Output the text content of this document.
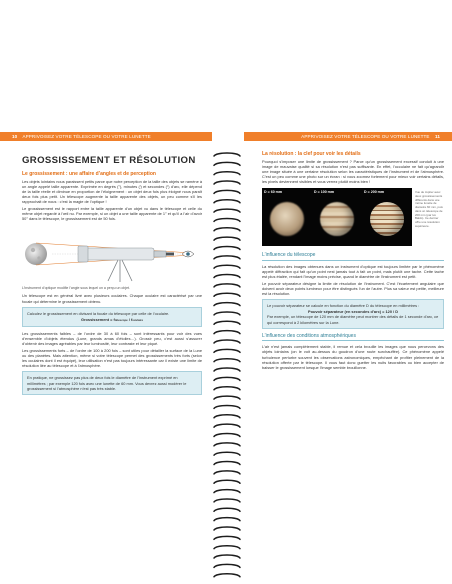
10 APPRIVOISEZ VOTRE TÉLESCOPE OU VOTRE LUNETTE	APPRIVOISEZ VOTRE TÉLESCOPE OU VOTRE LUNETTE 11
GROSSISSEMENT ET RÉSOLUTION
Le grossissement : une affaire d’angles et de perception

Les objets lointains nous paraissent petits parce que notre perception de la taille des objets se ramène à un angle appelé taille apparente. Exprimée en degrés (°), minutes (′) et secondes (″) d’arc, elle dépend de la taille réelle et diminue en proportion de l’éloignement : un objet deux fois plus éloigné nous paraît deux fois plus petit. Un télescope augmente la taille apparente des objets, un peu comme s’il les rapprochait de nous : c’est la magie de l’optique !

Le grossissement est le rapport entre la taille apparente d’un objet vu dans le télescope et celle du même objet regardé à l’œil nu. Par exemple, si un objet a une taille apparente de 1° et qu’il a l’air d’avoir 50° dans le télescope, le grossissement est de 50 fois.

L’instrument d’optique modifie l’angle sous lequel on a perçu un objet.

Un télescope est en général livré avec plusieurs oculaires. Chaque oculaire est caractérisé par une focale qui détermine le grossissement obtenu.

Calculez le grossissement en divisant la focale du télescope par celle de l’oculaire.
Grossissement = ftélescope / foculaire

Les grossissements faibles – de l’ordre de 30 à 60 fois – sont intéressants pour voir des vues d’ensemble d’objets étendus (Lune, grands amas d’étoiles…). Grossir peu, c’est aussi s’assurer d’obtenir des images agréables par leur luminosité, leur contraste et leur piqué.

Les grossissements forts – de l’ordre de 100 à 200 fois – sont utiles pour détailler la surface de la Lune ou des planètes. Mais attention, même si votre télescope permet des grossissements très forts (selon les oculaires dont il est équipé), leur utilisation n’est pas toujours intéressante car il existe une limite de résolution liée au télescope et à l’atmosphère.

En pratique, ne grossissez pas plus de deux fois le diamètre de l’instrument exprimé en millimètres ; par exemple 120 fois avec une lunette de 60 mm. Vous devrez aussi modérer le grossissement si l’atmosphère n’est pas très stable.
La résolution : la clef pour voir les détails

Pourquoi s’imposer une limite de grossissement ? Parce qu’un grossissement excessif conduit à une image de mauvaise qualité si sa résolution n’est pas suffisante. En effet, l’occulaire ne fait qu’agrandir une image située à une certaine résolution selon les caractéristiques de l’instrument et de l’atmosphère. C’est un peu comme une photo sur un écran : si vous zoomez fortement pour mieux voir certains détails, les pixels deviennent visibles et vous verrez plutôt moins bien !

D = 60 mm	D = 100 mm	D = 200 mm	Vue de Jupiter avec deux grossissements différents dans une même lunette de diamètre 60 mm, puis dans un télescope de 200 mm (par Ivo Baldo). Ce dernier offre une résolution supérieure.
L’influence du télescope

La résolution des images obtenues dans un instrument d’optique est toujours limitée par le phénomène appelé diffraction qui fait qu’un point nest jamais tout à fait un point, mais plutôt une tache. Cette tache est plus étalée, rendant l’image moins précise, quand le diamètre de l’instrument est petit.

Le pouvoir séparateur désigne la limite de résolution de l’instrument. C’est l’écartement angulaire que doivent avoir deux points lumineux pour être distingués l’un de l’autre. Plus sa valeur est petite, meilleure est la résolution.

Le pouvoir séparateur se calcule en fonction du diamètre D du télescope en millimètres :
Pouvoir séparateur (en secondes d’arc) = 120 / D
Par exemple, un télescope de 120 mm de diamètre peut montrer des détails de 1 seconde d’arc, ce qui correspond à 2 kilomètres sur la Lune.
L’influence des conditions atmosphériques

L’air n’est jamais complètement stable, il remue et cela brouille les images que nous percevons des objets lointains (on le voit au-dessus du goudron d’une route surchauffée). Ce phénomène appelé turbulence perturbe souvent les observations astronomiques, empêchant de profiter pleinement de la résolution offerte par le télescope. Il vous faut donc guetter les nuits favorables ou bien accepter de baisser le grossissement lorsque l’image semble brouillonne.
